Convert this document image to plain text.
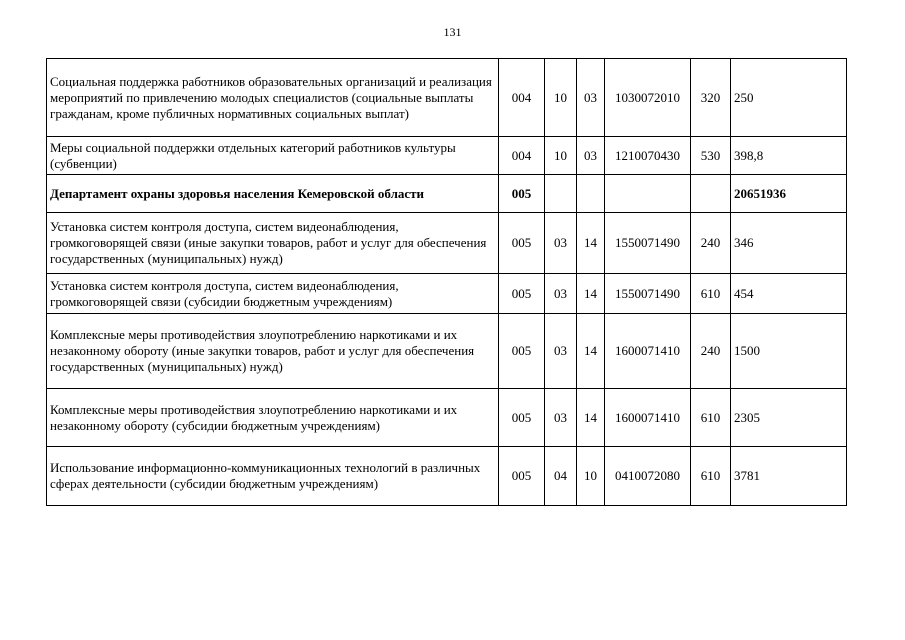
131
Социальная поддержка работников образовательных организаций и реализация мероприятий по привлечению молодых специалистов (социальные выплаты гражданам, кроме публичных нормативных социальных выплат)	004	10	03	1030072010	320	250
Меры социальной поддержки отдельных категорий работников культуры (субвенции)	004	10	03	1210070430	530	398,8
Департамент охраны здоровья населения Кемеровской области	005					20651936
Установка систем контроля доступа, систем видеонаблюдения, громкоговорящей связи (иные закупки товаров, работ и услуг для обеспечения государственных (муниципальных) нужд)	005	03	14	1550071490	240	346
Установка систем контроля доступа, систем видеонаблюдения, громкоговорящей связи (субсидии бюджетным учреждениям)	005	03	14	1550071490	610	454
Комплексные меры противодействия злоупотреблению наркотиками и их незаконному обороту (иные закупки товаров, работ и услуг для обеспечения государственных (муниципальных) нужд)	005	03	14	1600071410	240	1500
Комплексные меры противодействия злоупотреблению наркотиками и их незаконному обороту (субсидии бюджетным учреждениям)	005	03	14	1600071410	610	2305
Использование информационно-коммуникационных технологий в различных сферах деятельности (субсидии бюджетным учреждениям)	005	04	10	0410072080	610	3781
